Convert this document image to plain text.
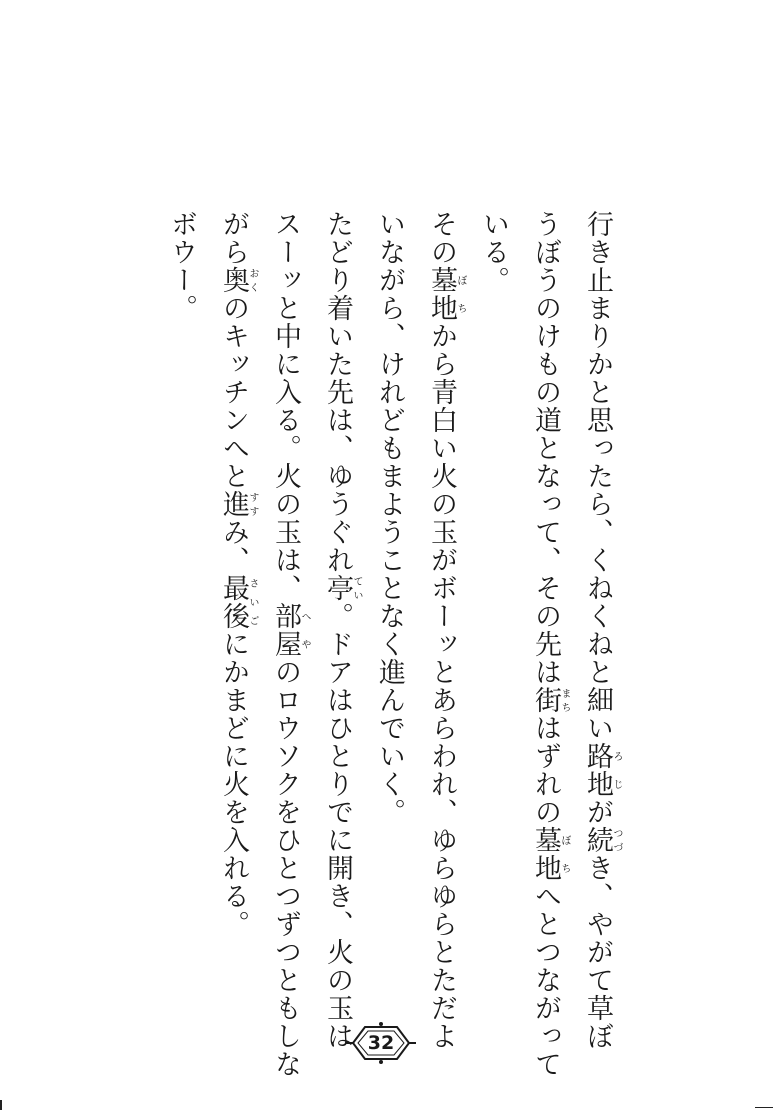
行き止まりかと思ったら、くねくねと細い路地ろじが続つづき、やがて草ぼ
うぼうのけもの道となって、その先は街まちはずれの墓地ぼちへとつながって
いる。

その墓地ぼちから青白い火の玉がボーッとあらわれ、ゆらゆらとただよ
いながら、けれどもまようことなく進んでいく。

たどり着いた先は、ゆうぐれ亭てい。ドアはひとりでに開き、火の玉は
スーッと中に入る。火の玉は、部屋へやのロウソクをひとつずつともしな
がら奥おくのキッチンへと進すすみ、最後さいごにかまどに火を入れる。

ボウー。

32
